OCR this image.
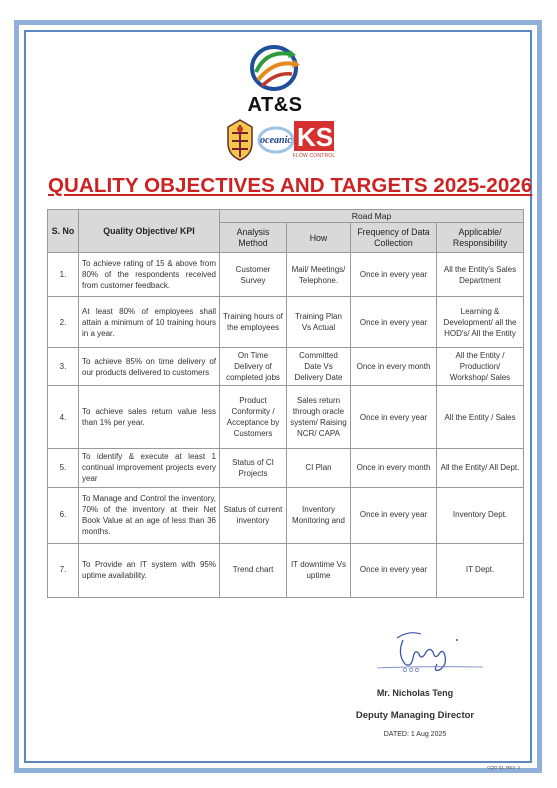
AT&S
oceanic KS
FLOW CONTROL
QUALITY OBJECTIVES AND TARGETS 2025-2026
S. No	Quality Objective/ KPI	Road Map			
		Analysis Method	How	Frequency of Data Collection	Applicable/ Responsibility
1.	To achieve rating of 15 & above from 80% of the respondents received from customer feedback.	Customer Survey	Mail/ Meetings/ Telephone.	Once in every year	All the Entity's Sales Department
2.	At least 80% of employees shall attain a minimum of 10 training hours in a year.	Training hours of the employees	Training Plan Vs Actual	Once in every year	Learning & Development/ all the HOD's/ All the Entity
3.	To achieve 85% on time delivery of our products delivered to customers	On Time Delivery of completed jobs	Committed Date Vs Delivery Date	Once in every month	All the Entity / Production/ Workshop/ Sales
4.	To achieve sales return value less than 1% per year.	Product Conformity / Acceptance by Customers	Sales return through oracle system/ Raising NCR/ CAPA	Once in every year	All the Entity / Sales
5.	To identify & execute at least 1 continual improvement projects every year	Status of CI Projects	CI Plan	Once in every month	All the Entity/ All Dept.
6.	To Manage and Control the inventory, 70% of the inventory at their Net Book Value at an age of less than 36 months.	Status of current inventory	Inventory Monitoring and	Once in every year	Inventory Dept.
7.	To Provide an IT system with 95% uptime availability.	Trend chart	IT downtime Vs uptime	Once in every year	IT Dept.
Mr. Nicholas Teng
Deputy Managing Director
DATED: 1 Aug 2025
CQO 01, REV. 2
